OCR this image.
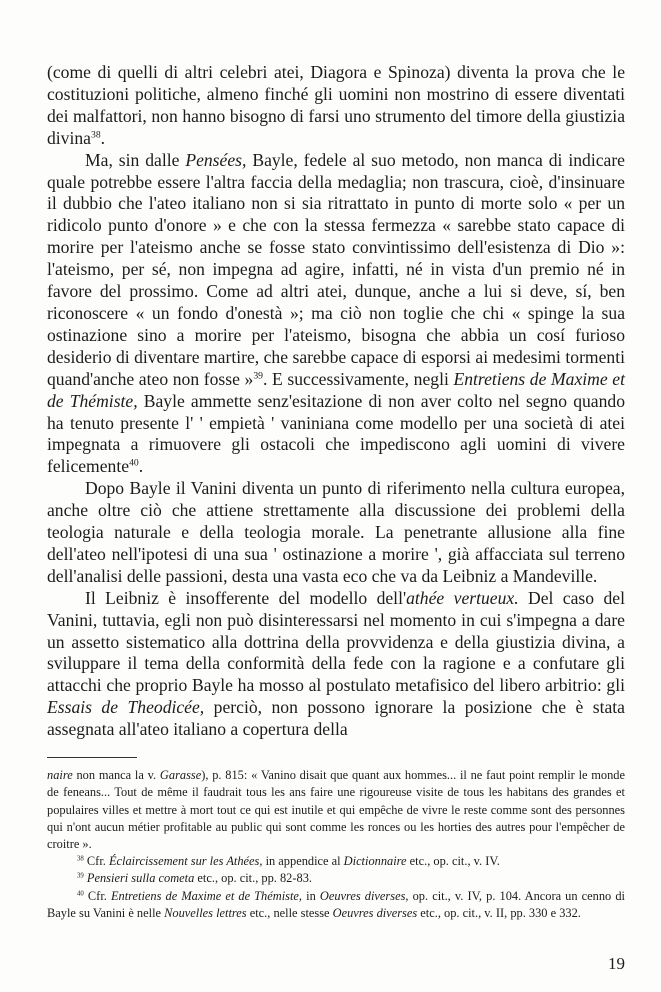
(come di quelli di altri celebri atei, Diagora e Spinoza) diventa la prova che le costituzioni politiche, almeno finché gli uomini non mostrino di essere diventati dei malfattori, non hanno bisogno di farsi uno strumento del timore della giustizia divina$^{38}$.

Ma, sin dalle Pensées, Bayle, fedele al suo metodo, non manca di indicare quale potrebbe essere l'altra faccia della medaglia; non trascura, cioè, d'insinuare il dubbio che l'ateo italiano non si sia ritrattato in punto di morte solo « per un ridicolo punto d'onore » e che con la stessa fermezza « sarebbe stato capace di morire per l'ateismo anche se fosse stato convintissimo dell'esistenza di Dio »: l'ateismo, per sé, non impegna ad agire, infatti, né in vista d'un premio né in favore del prossimo. Come ad altri atei, dunque, anche a lui si deve, sí, ben riconoscere « un fondo d'onestà »; ma ciò non toglie che chi « spinge la sua ostinazione sino a morire per l'ateismo, bisogna che abbia un cosí furioso desiderio di diventare martire, che sarebbe capace di esporsi ai medesimi tormenti quand'anche ateo non fosse »$^{39}$. E successivamente, negli Entretiens de Maxime et de Thémiste, Bayle ammette senz'esitazione di non aver colto nel segno quando ha tenuto presente l' ' empietà ' vaniniana come modello per una società di atei impegnata a rimuovere gli ostacoli che impediscono agli uomini di vivere felicemente$^{40}$.

Dopo Bayle il Vanini diventa un punto di riferimento nella cultura europea, anche oltre ciò che attiene strettamente alla discussione dei problemi della teologia naturale e della teologia morale. La penetrante allusione alla fine dell'ateo nell'ipotesi di una sua ' ostinazione a morire ', già affacciata sul terreno dell'analisi delle passioni, desta una vasta eco che va da Leibniz a Mandeville.

Il Leibniz è insofferente del modello dell'athée vertueux. Del caso del Vanini, tuttavia, egli non può disinteressarsi nel momento in cui s'impegna a dare un assetto sistematico alla dottrina della provvidenza e della giustizia divina, a sviluppare il tema della conformità della fede con la ragione e a confutare gli attacchi che proprio Bayle ha mosso al postulato metafisico del libero arbitrio: gli Essais de Theodicée, perciò, non possono ignorare la posizione che è stata assegnata all'ateo italiano a copertura della

naire non manca la v. Garasse), p. 815: « Vanino disait que quant aux hommes... il ne faut point remplir le monde de feneans... Tout de même il faudrait tous les ans faire une rigoureuse visite de tous les habitans des grandes et populaires villes et mettre à mort tout ce qui est inutile et qui empêche de vivre le reste comme sont des personnes qui n'ont aucun métier profitable au public qui sont comme les ronces ou les horties des autres pour l'empêcher de croitre ».

$^{38}$ Cfr. Éclaircissement sur les Athées, in appendice al Dictionnaire etc., op. cit., v. IV.

$^{39}$ Pensieri sulla cometa etc., op. cit., pp. 82-83.

$^{40}$ Cfr. Entretiens de Maxime et de Thémiste, in Oeuvres diverses, op. cit., v. IV, p. 104. Ancora un cenno di Bayle su Vanini è nelle Nouvelles lettres etc., nelle stesse Oeuvres diverses etc., op. cit., v. II, pp. 330 e 332.

19
